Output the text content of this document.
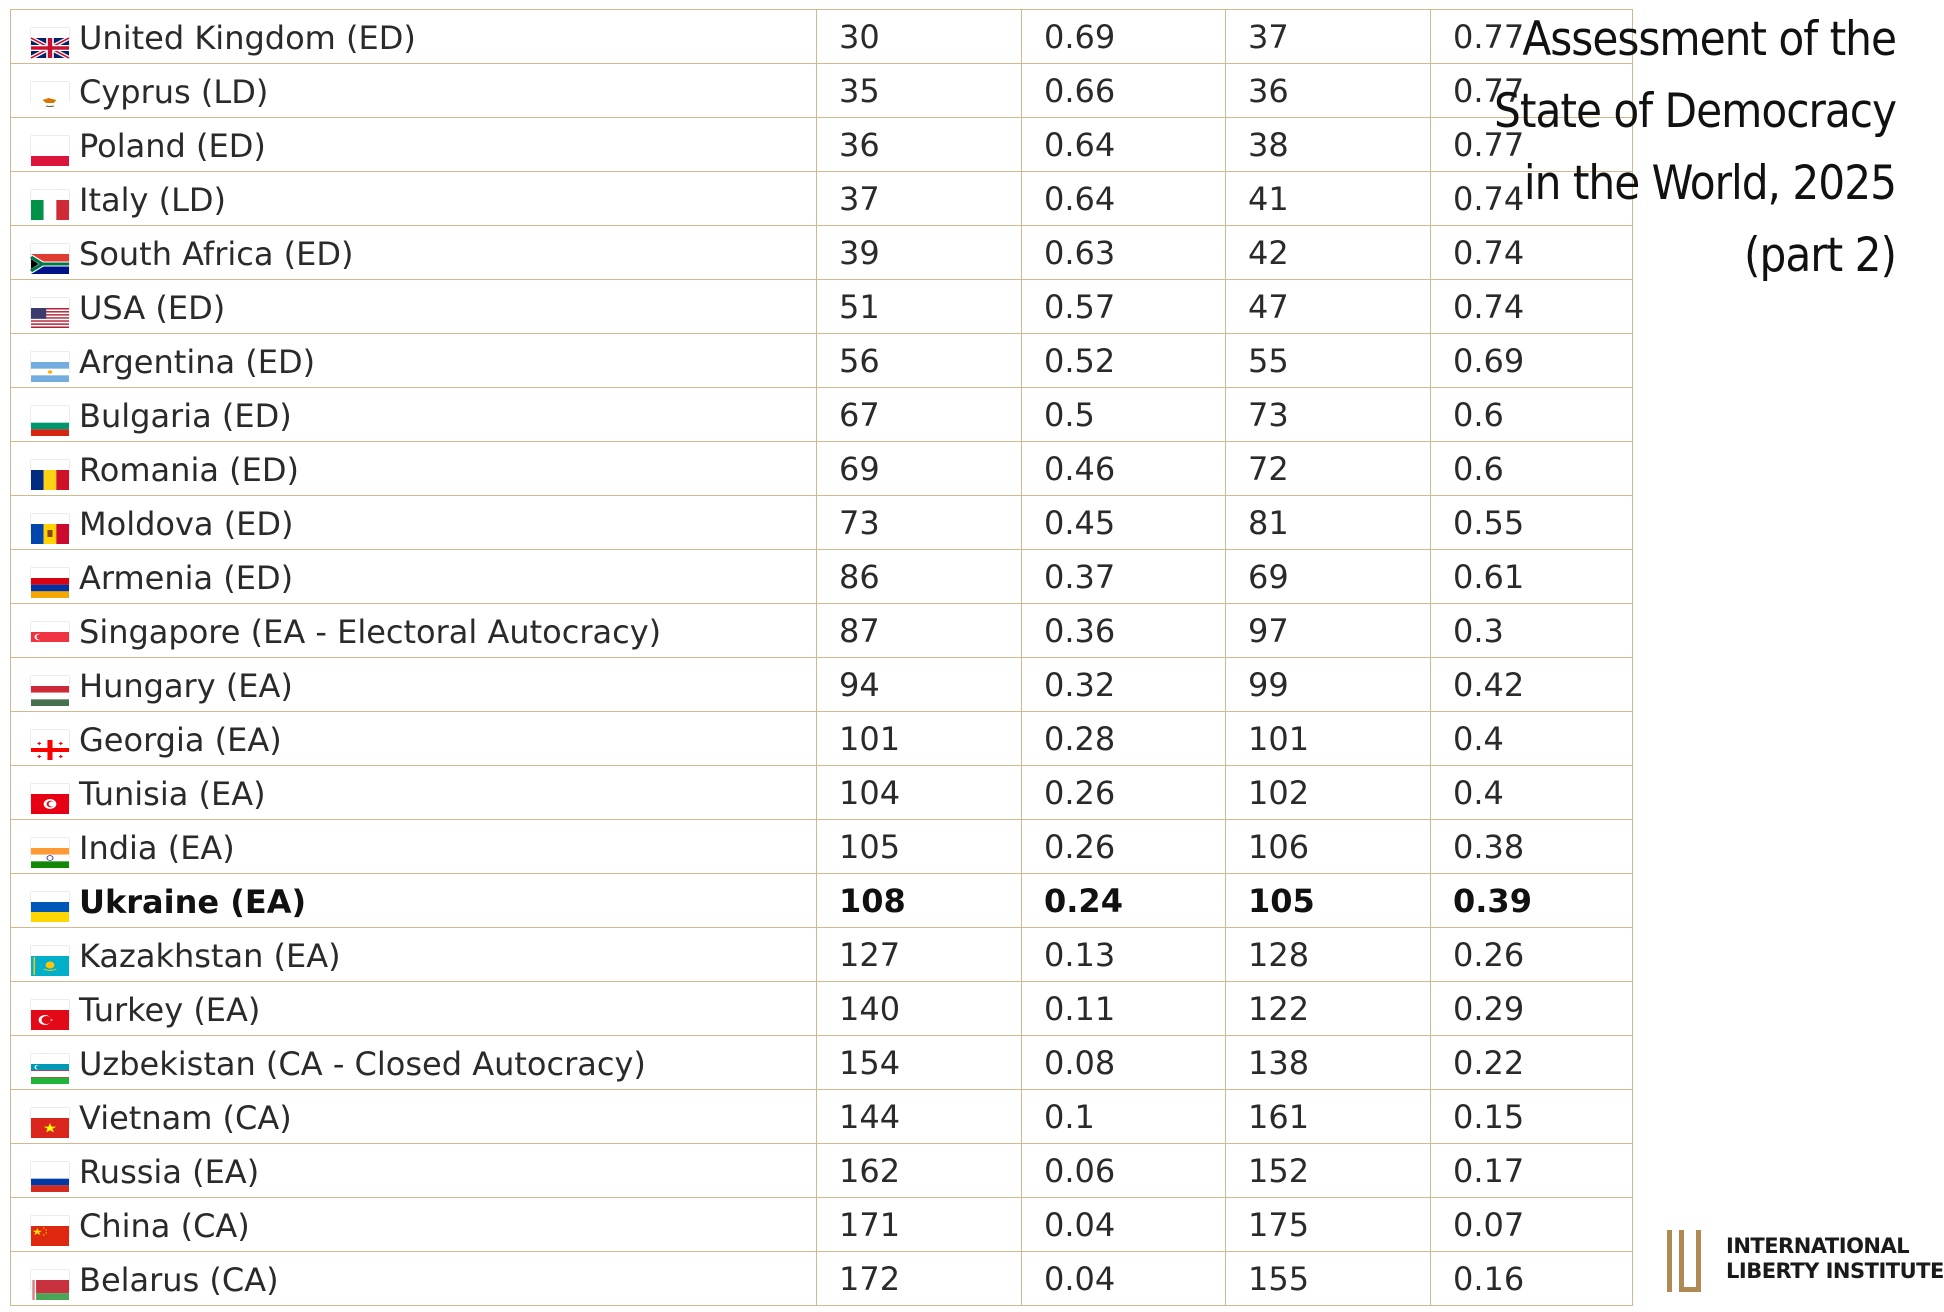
United Kingdom (ED)	30	0.69	37	0.77
Cyprus (LD)	35	0.66	36	0.77
Poland (ED)	36	0.64	38	0.77
Italy (LD)	37	0.64	41	0.74
South Africa (ED)	39	0.63	42	0.74
USA (ED)	51	0.57	47	0.74
Argentina (ED)	56	0.52	55	0.69
Bulgaria (ED)	67	0.5	73	0.6
Romania (ED)	69	0.46	72	0.6
Moldova (ED)	73	0.45	81	0.55
Armenia (ED)	86	0.37	69	0.61
Singapore (EA - Electoral Autocracy)	87	0.36	97	0.3
Hungary (EA)	94	0.32	99	0.42
Georgia (EA)	101	0.28	101	0.4
Tunisia (EA)	104	0.26	102	0.4
India (EA)	105	0.26	106	0.38
Ukraine (EA)	108	0.24	105	0.39
Kazakhstan (EA)	127	0.13	128	0.26
Turkey (EA)	140	0.11	122	0.29
Uzbekistan (CA - Closed Autocracy)	154	0.08	138	0.22
Vietnam (CA)	144	0.1	161	0.15
Russia (EA)	162	0.06	152	0.17
China (CA)	171	0.04	175	0.07
Belarus (CA)	172	0.04	155	0.16
Assessment of the
State of Democracy
in the World, 2025
(part 2)
INTERNATIONAL
LIBERTY INSTITUTE
